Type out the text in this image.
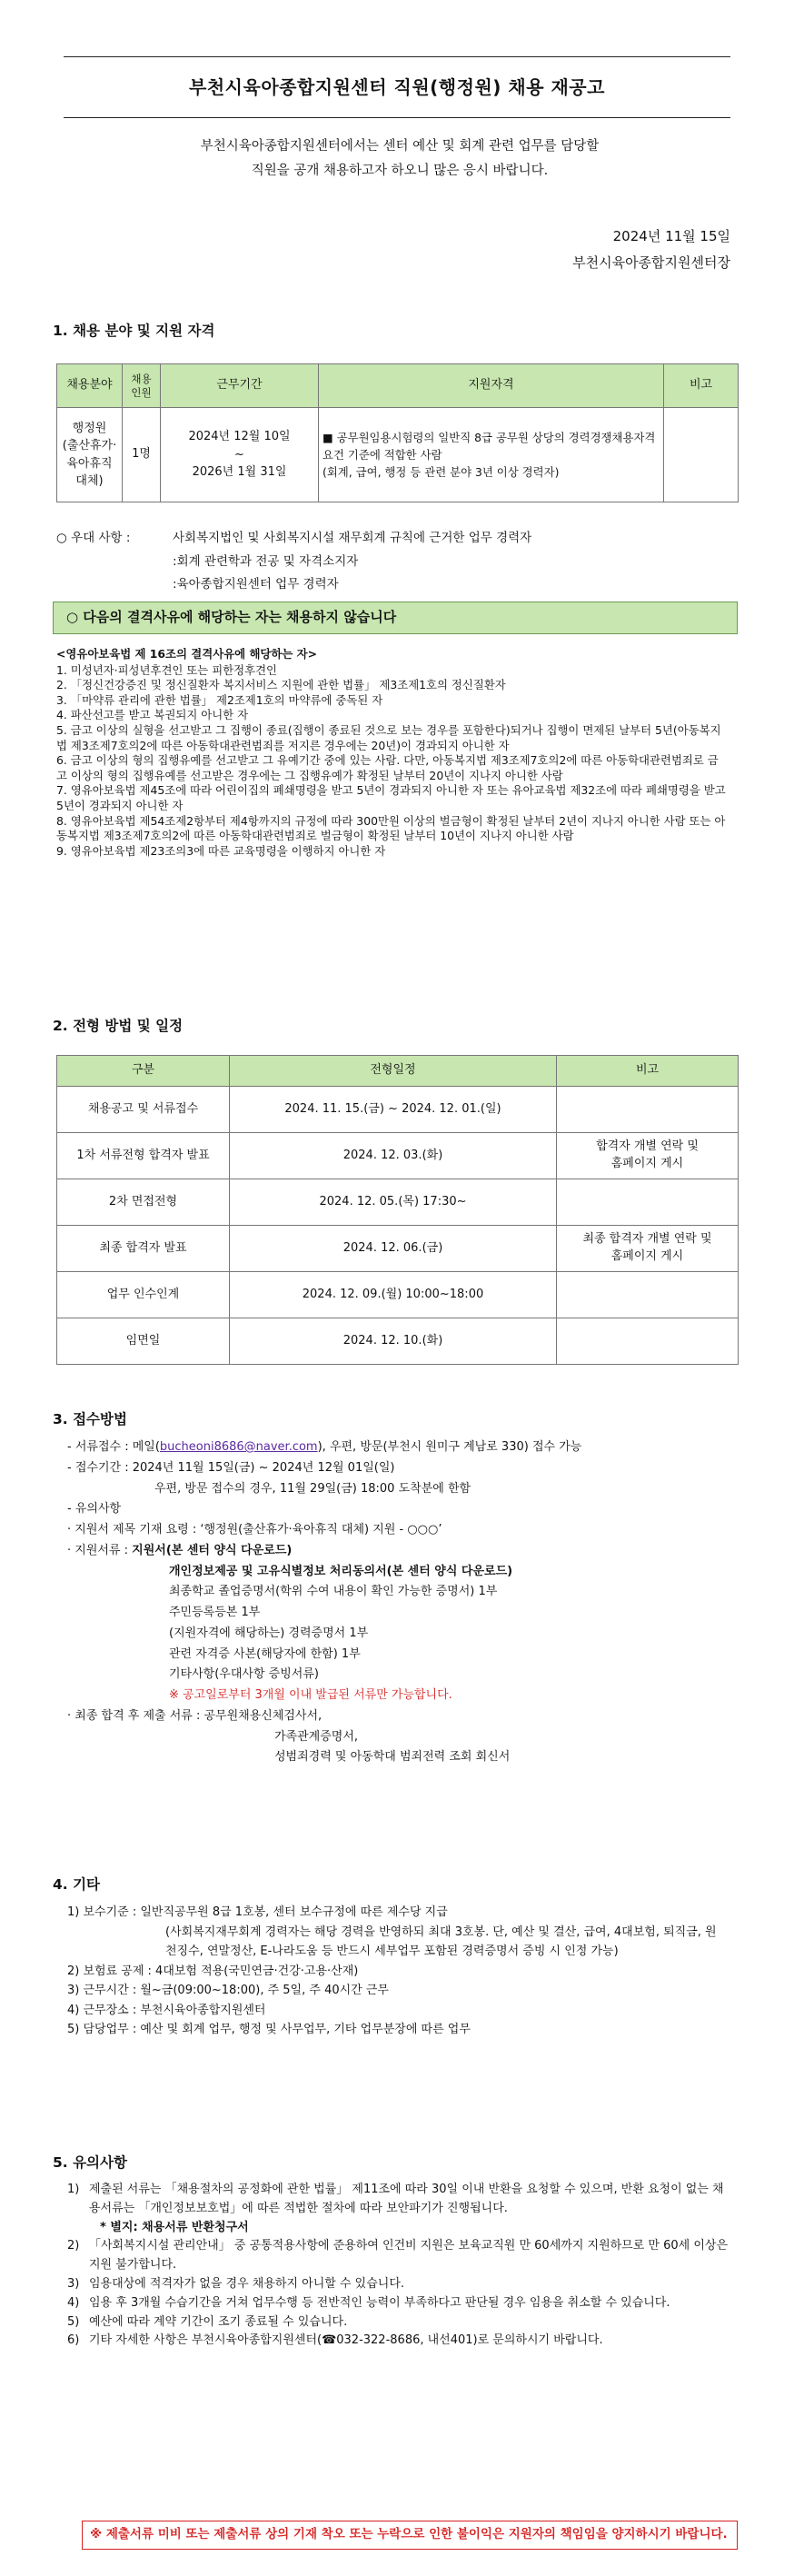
부천시육아종합지원센터 직원(행정원) 채용 재공고
부천시육아종합지원센터에서는 센터 예산 및 회계 관련 업무를 담당할
직원을 공개 채용하고자 하오니 많은 응시 바랍니다.
2024년 11월 15일
부천시육아종합지원센터장
1. 채용 분야 및 지원 자격
채용분야	채용
인원	근무기간	지원자격	비고
행정원
(출산휴가·
육아휴직 대체)	1명	2024년 12월 10일
~
2026년 1월 31일	■ 공무원임용시험령의 일반직 8급 공무원 상당의 경력경쟁채용자격 요건 기준에 적합한 사람
(회계, 급여, 행정 등 관련 분야 3년 이상 경력자)	
○ 우대 사항 :	사회복지법인 및 사회복지시설 재무회계 규칙에 근거한 업무 경력자
: 회계 관련학과 전공 및 자격소지자
: 육아종합지원센터 업무 경력자
○ 다음의 결격사유에 해당하는 자는 채용하지 않습니다
<영유아보육법 제 16조의 결격사유에 해당하는 자>
1. 미성년자·피성년후견인 또는 피한정후견인
2. 「정신건강증진 및 정신질환자 복지서비스 지원에 관한 법률」 제3조제1호의 정신질환자
3. 「마약류 관리에 관한 법률」 제2조제1호의 마약류에 중독된 자
4. 파산선고를 받고 복권되지 아니한 자
5. 금고 이상의 실형을 선고받고 그 집행이 종료(집행이 종료된 것으로 보는 경우를 포함한다)되거나 집행이 면제된 날부터 5년(아동복지법 제3조제7호의2에 따른 아동학대관련범죄를 저지른 경우에는 20년)이 경과되지 아니한 자
6. 금고 이상의 형의 집행유예를 선고받고 그 유예기간 중에 있는 사람. 다만, 아동복지법 제3조제7호의2에 따른 아동학대관련범죄로 금고 이상의 형의 집행유예를 선고받은 경우에는 그 집행유예가 확정된 날부터 20년이 지나지 아니한 사람
7. 영유아보육법 제45조에 따라 어린이집의 폐쇄명령을 받고 5년이 경과되지 아니한 자 또는 유아교육법 제32조에 따라 폐쇄명령을 받고 5년이 경과되지 아니한 자
8. 영유아보육법 제54조제2항부터 제4항까지의 규정에 따라 300만원 이상의 벌금형이 확정된 날부터 2년이 지나지 아니한 사람 또는 아동복지법 제3조제7호의2에 따른 아동학대관련범죄로 벌금형이 확정된 날부터 10년이 지나지 아니한 사람
9. 영유아보육법 제23조의3에 따른 교육명령을 이행하지 아니한 자
2. 전형 방법 및 일정
구분	전형일정	비고
채용공고 및 서류접수	2024. 11. 15.(금) ~ 2024. 12. 01.(일)	
1차 서류전형 합격자 발표	2024. 12. 03.(화)	합격자 개별 연락 및
홈페이지 게시
2차 면접전형	2024. 12. 05.(목) 17:30~	
최종 합격자 발표	2024. 12. 06.(금)	최종 합격자 개별 연락 및
홈페이지 게시
업무 인수인계	2024. 12. 09.(월) 10:00~18:00	
임면일	2024. 12. 10.(화)	
3. 접수방법
- 서류접수 : 메일(bucheoni8686@naver.com), 우편, 방문(부천시 원미구 계남로 330) 접수 가능
- 접수기간 : 2024년 11월 15일(금) ~ 2024년 12월 01일(일)
우편, 방문 접수의 경우, 11월 29일(금) 18:00 도착분에 한함
- 유의사항
· 지원서 제목 기재 요령 : ‘행정원(출산휴가·육아휴직 대체) 지원 - ○○○’
· 지원서류 : 지원서(본 센터 양식 다운로드)
개인정보제공 및 고유식별정보 처리동의서(본 센터 양식 다운로드)
최종학교 졸업증명서(학위 수여 내용이 확인 가능한 증명서) 1부
주민등록등본 1부
(지원자격에 해당하는) 경력증명서 1부
관련 자격증 사본(해당자에 한함) 1부
기타사항(우대사항 증빙서류)
※ 공고일로부터 3개월 이내 발급된 서류만 가능합니다.
· 최종 합격 후 제출 서류 : 공무원채용신체검사서,
가족관계증명서,
성범죄경력 및 아동학대 범죄전력 조회 회신서
4. 기타
1) 보수기준 : 일반직공무원 8급 1호봉, 센터 보수규정에 따른 제수당 지급
(사회복지재무회계 경력자는 해당 경력을 반영하되 최대 3호봉. 단, 예산 및 결산, 급여, 4대보험, 퇴직금, 원천징수, 연말정산, E-나라도움 등 반드시 세부업무 포함된 경력증명서 증빙 시 인정 가능)
2) 보험료 공제 : 4대보험 적용(국민연금·건강·고용·산재)
3) 근무시간 : 월~금(09:00~18:00), 주 5일, 주 40시간 근무
4) 근무장소 : 부천시육아종합지원센터
5) 담당업무 : 예산 및 회계 업무, 행정 및 사무업무, 기타 업무분장에 따른 업무
5. 유의사항
1) 제출된 서류는 「채용절차의 공정화에 관한 법률」 제11조에 따라 30일 이내 반환을 요청할 수 있으며, 반환 요청이 없는 채용서류는 「개인정보보호법」에 따른 적법한 절차에 따라 보안파기가 진행됩니다.
* 별지: 채용서류 반환청구서
2) 「사회복지시설 관리안내」 중 공통적용사항에 준용하여 인건비 지원은 보육교직원 만 60세까지 지원하므로 만 60세 이상은 지원 불가합니다.
3) 임용대상에 적격자가 없을 경우 채용하지 아니할 수 있습니다.
4) 임용 후 3개월 수습기간을 거쳐 업무수행 등 전반적인 능력이 부족하다고 판단될 경우 임용을 취소할 수 있습니다.
5) 예산에 따라 계약 기간이 조기 종료될 수 있습니다.
6) 기타 자세한 사항은 부천시육아종합지원센터(☎032-322-8686, 내선401)로 문의하시기 바랍니다.
※ 제출서류 미비 또는 제출서류 상의 기재 착오 또는 누락으로 인한 불이익은 지원자의 책임임을 양지하시기 바랍니다.
